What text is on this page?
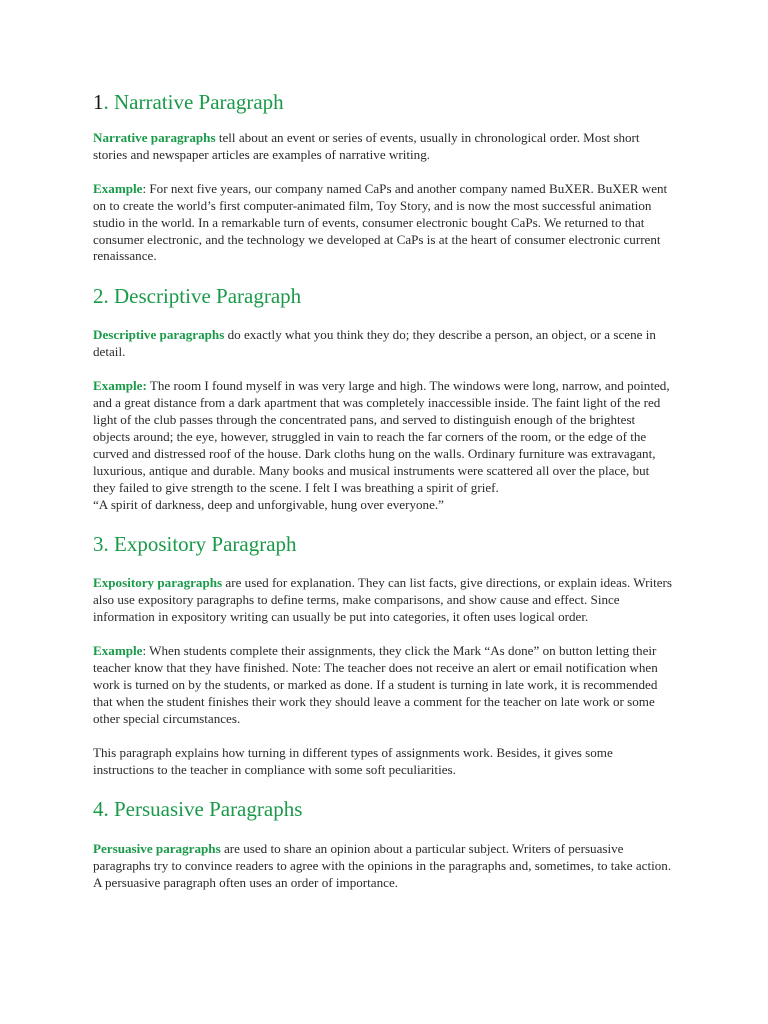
1. Narrative Paragraph

Narrative paragraphs tell about an event or series of events, usually in chronological order. Most short stories and newspaper articles are examples of narrative writing.

Example: For next five years, our company named CaPs and another company named BuXER. BuXER went on to create the world’s first computer-animated film, Toy Story, and is now the most successful animation studio in the world. In a remarkable turn of events, consumer electronic bought CaPs. We returned to that consumer electronic, and the technology we developed at CaPs is at the heart of consumer electronic current renaissance.

2. Descriptive Paragraph

Descriptive paragraphs do exactly what you think they do; they describe a person, an object, or a scene in detail.

Example: The room I found myself in was very large and high. The windows were long, narrow, and pointed, and a great distance from a dark apartment that was completely inaccessible inside. The faint light of the red light of the club passes through the concentrated pans, and served to distinguish enough of the brightest objects around; the eye, however, struggled in vain to reach the far corners of the room, or the edge of the curved and distressed roof of the house. Dark cloths hung on the walls. Ordinary furniture was extravagant, luxurious, antique and durable. Many books and musical instruments were scattered all over the place, but they failed to give strength to the scene. I felt I was breathing a spirit of grief.
“A spirit of darkness, deep and unforgivable, hung over everyone.”

3. Expository Paragraph

Expository paragraphs are used for explanation. They can list facts, give directions, or explain ideas. Writers also use expository paragraphs to define terms, make comparisons, and show cause and effect. Since information in expository writing can usually be put into categories, it often uses logical order.

Example: When students complete their assignments, they click the Mark “As done” on button letting their teacher know that they have finished. Note: The teacher does not receive an alert or email notification when work is turned on by the students, or marked as done. If a student is turning in late work, it is recommended that when the student finishes their work they should leave a comment for the teacher on late work or some other special circumstances.

This paragraph explains how turning in different types of assignments work. Besides, it gives some instructions to the teacher in compliance with some soft peculiarities.

4. Persuasive Paragraphs

Persuasive paragraphs are used to share an opinion about a particular subject. Writers of persuasive paragraphs try to convince readers to agree with the opinions in the paragraphs and, sometimes, to take action. A persuasive paragraph often uses an order of importance.
